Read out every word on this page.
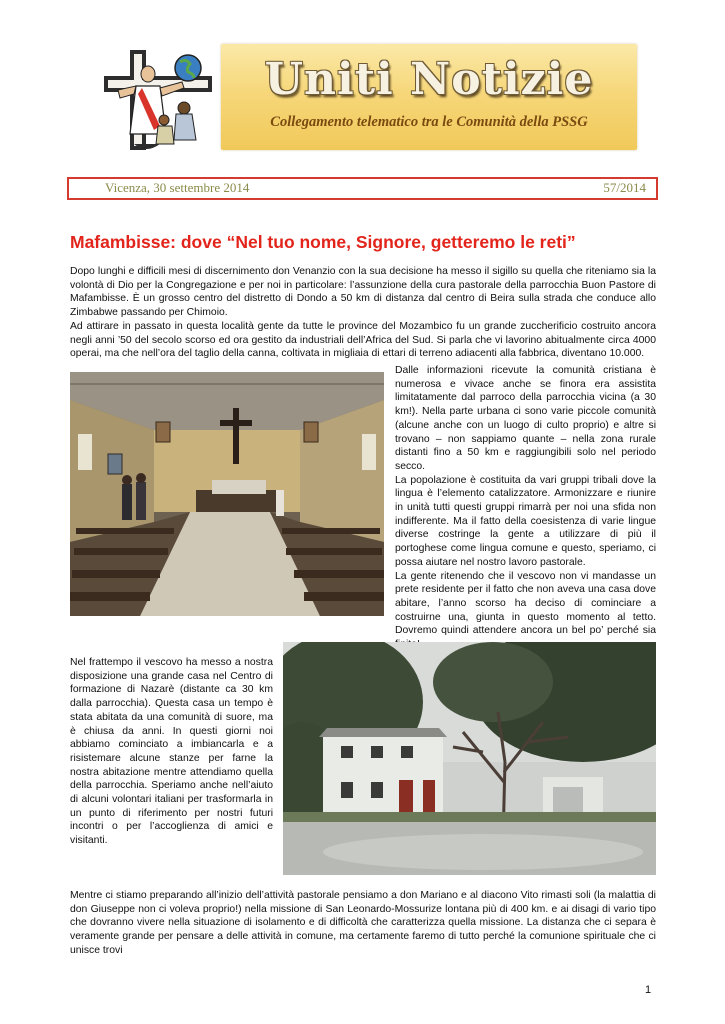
Uniti Notizie
Collegamento telematico tra le Comunità della PSSG
Vicenza, 30 settembre 2014	57/2014
Mafambisse: dove “Nel tuo nome, Signore, getteremo le reti”

Dopo lunghi e difficili mesi di discernimento don Venanzio con la sua decisione ha messo il sigillo su quella che riteniamo sia la volontà di Dio per la Congregazione e per noi in particolare: l’assunzione della cura pastorale della parrocchia Buon Pastore di Mafambisse. È un grosso centro del distretto di Dondo a 50 km di distanza dal centro di Beira sulla strada che conduce allo Zimbabwe passando per Chimoio.

Ad attirare in passato in questa località gente da tutte le province del Mozambico fu un grande zuccherificio costruito ancora negli anni ’50 del secolo scorso ed ora gestito da industriali dell’Africa del Sud. Si parla che vi lavorino abitualmente circa 4000 operai, ma che nell’ora del taglio della canna, coltivata in migliaia di ettari di terreno adiacenti alla fabbrica, diventano 10.000.

Dalle informazioni ricevute la comunità cristiana è numerosa e vivace anche se finora era assistita limitatamente dal parroco della parrocchia vicina (a 30 km!). Nella parte urbana ci sono varie piccole comunità (alcune anche con un luogo di culto proprio) e altre si trovano – non sappiamo quante – nella zona rurale distanti fino a 50 km e raggiungibili solo nel periodo secco.

La popolazione è costituita da vari gruppi tribali dove la lingua è l’elemento catalizzatore. Armonizzare e riunire in unità tutti questi gruppi rimarrà per noi una sfida non indifferente. Ma il fatto della coesistenza di varie lingue diverse costringe la gente a utilizzare di più il portoghese come lingua comune e questo, speriamo, ci possa aiutare nel nostro lavoro pastorale.

La gente ritenendo che il vescovo non vi mandasse un prete residente per il fatto che non aveva una casa dove abitare, l’anno scorso ha deciso di cominciare a costruirne una, giunta in questo momento al tetto. Dovremo quindi attendere ancora un bel po’ perché sia

Nel frattempo il vescovo ha messo a nostra disposizione una grande casa nel Centro di formazione di Nazarè (distante ca 30 km dalla parrocchia). Questa casa un tempo è stata abitata da una comunità di suore, ma è chiusa da anni. In questi giorni noi abbiamo cominciato a imbiancarla e a risistemare alcune stanze per farne la nostra abitazione mentre attendiamo quella della parrocchia. Speriamo anche nell’aiuto di alcuni volontari italiani per trasformarla in un punto di riferimento per nostri futuri incontri o per l’accoglienza di amici e visitanti.

Mentre ci stiamo preparando all’inizio dell’attività pastorale pensiamo a don Mariano e al diacono Vito rimasti soli (la malattia di don Giuseppe non ci voleva proprio!) nella missione di San Leonardo-Mossurize lontana più di 400 km. e ai disagi di vario tipo che dovranno vivere nella situazione di isolamento e di difficoltà che caratterizza quella missione. La distanza che ci separa è veramente grande per pensare a delle attività in comune, ma certamente faremo di tutto perché la comunione spirituale che ci unisce trovi

1
